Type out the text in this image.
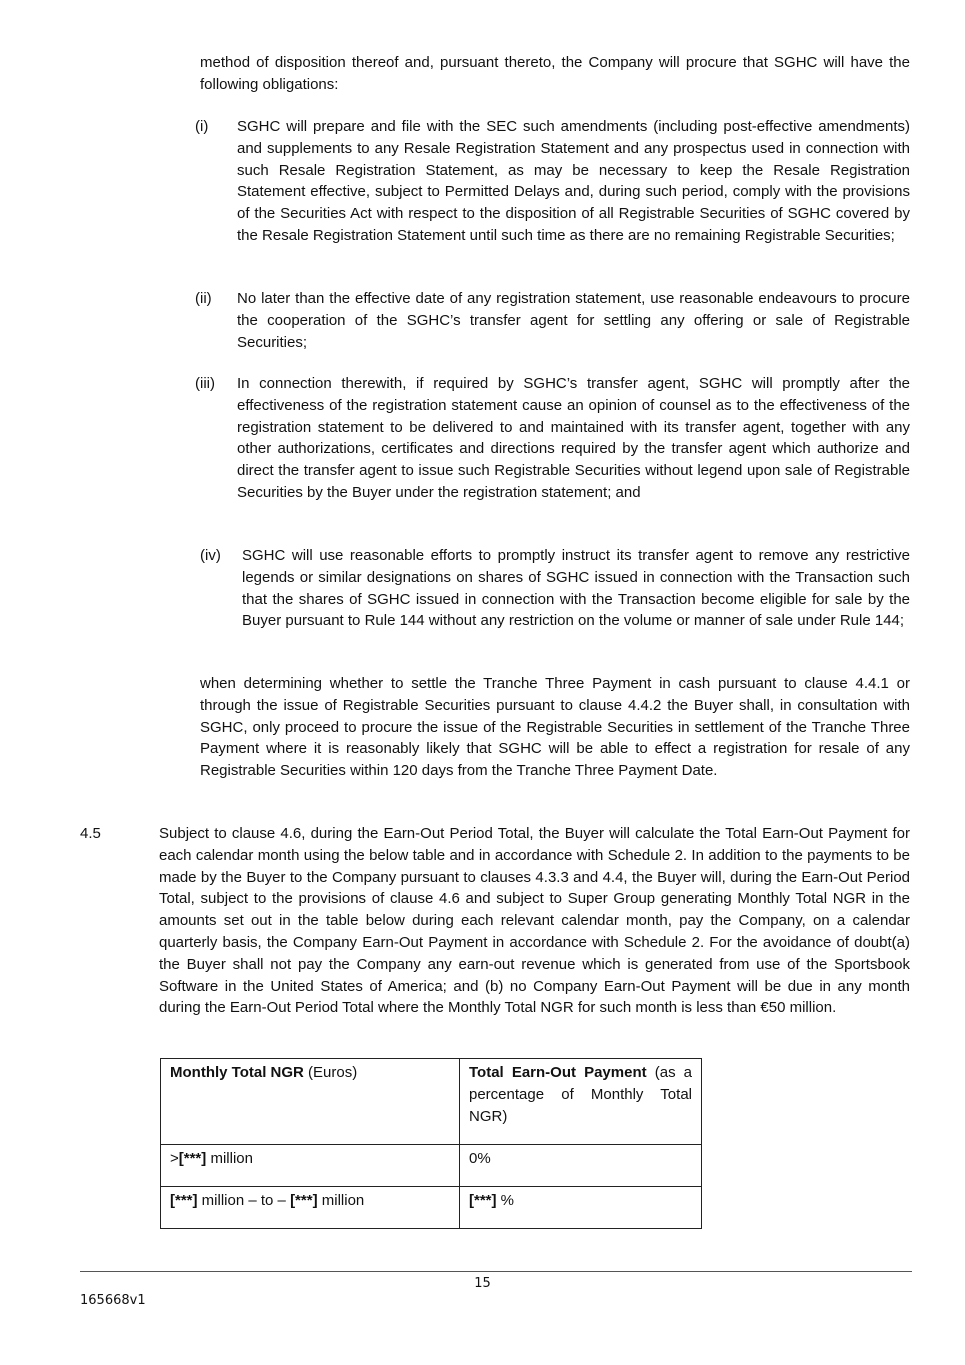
method of disposition thereof and, pursuant thereto, the Company will procure that SGHC will have the following obligations:

(i) SGHC will prepare and file with the SEC such amendments (including post-effective amendments) and supplements to any Resale Registration Statement and any prospectus used in connection with such Resale Registration Statement, as may be necessary to keep the Resale Registration Statement effective, subject to Permitted Delays and, during such period, comply with the provisions of the Securities Act with respect to the disposition of all Registrable Securities of SGHC covered by the Resale Registration Statement until such time as there are no remaining Registrable Securities;

(ii) No later than the effective date of any registration statement, use reasonable endeavours to procure the cooperation of the SGHC’s transfer agent for settling any offering or sale of Registrable Securities;

(iii) In connection therewith, if required by SGHC’s transfer agent, SGHC will promptly after the effectiveness of the registration statement cause an opinion of counsel as to the effectiveness of the registration statement to be delivered to and maintained with its transfer agent, together with any other authorizations, certificates and directions required by the transfer agent which authorize and direct the transfer agent to issue such Registrable Securities without legend upon sale of Registrable Securities by the Buyer under the registration statement; and

(iv) SGHC will use reasonable efforts to promptly instruct its transfer agent to remove any restrictive legends or similar designations on shares of SGHC issued in connection with the Transaction such that the shares of SGHC issued in connection with the Transaction become eligible for sale by the Buyer pursuant to Rule 144 without any restriction on the volume or manner of sale under Rule 144;

when determining whether to settle the Tranche Three Payment in cash pursuant to clause 4.4.1 or through the issue of Registrable Securities pursuant to clause 4.4.2 the Buyer shall, in consultation with SGHC, only proceed to procure the issue of the Registrable Securities in settlement of the Tranche Three Payment where it is reasonably likely that SGHC will be able to effect a registration for resale of any Registrable Securities within 120 days from the Tranche Three Payment Date.

4.5	Subject to clause 4.6, during the Earn-Out Period Total, the Buyer will calculate the Total Earn-Out Payment for each calendar month using the below table and in accordance with Schedule 2. In addition to the payments to be made by the Buyer to the Company pursuant to clauses 4.3.3 and 4.4, the Buyer will, during the Earn-Out Period Total, subject to the provisions of clause 4.6 and subject to Super Group generating Monthly Total NGR in the amounts set out in the table below during each relevant calendar month, pay the Company, on a calendar quarterly basis, the Company Earn-Out Payment in accordance with Schedule 2. For the avoidance of doubt(a) the Buyer shall not pay the Company any earn-out revenue which is generated from use of the Sportsbook Software in the United States of America; and (b) no Company Earn-Out Payment will be due in any month during the Earn-Out Period Total where the Monthly Total NGR for such month is less than €50 million.

Monthly Total NGR (Euros)	Total Earn-Out Payment (as a percentage of Monthly Total NGR)
>[***] million	0%
[***] million – to – [***] million	[***] %
15
165668v1
